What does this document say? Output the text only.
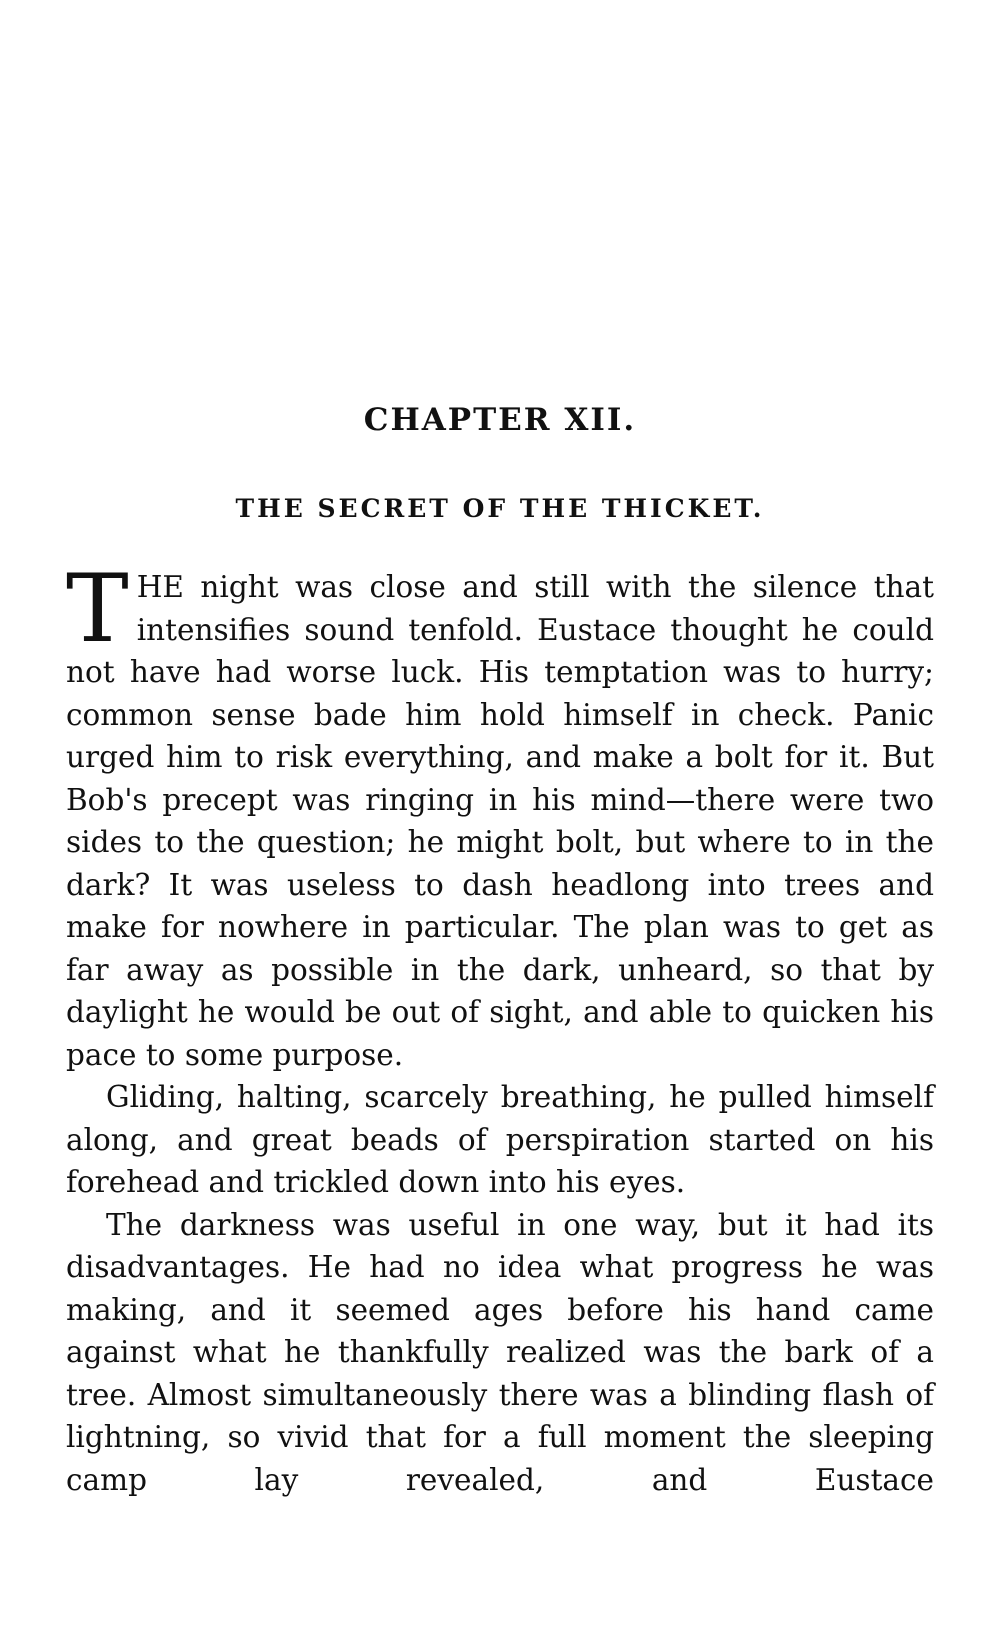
CHAPTER XII.
THE SECRET OF THE THICKET.

THE night was close and still with the silence that intensifies sound tenfold. Eustace thought he could not have had worse luck. His temptation was to hurry; common sense bade him hold himself in check. Panic urged him to risk everything, and make a bolt for it. But Bob's precept was ringing in his mind—there were two sides to the question; he might bolt, but where to in the dark? It was useless to dash headlong into trees and make for nowhere in particular. The plan was to get as far away as possible in the dark, unheard, so that by daylight he would be out of sight, and able to quicken his pace to some purpose.

Gliding, halting, scarcely breathing, he pulled himself along, and great beads of perspiration started on his forehead and trickled down into his eyes.

The darkness was useful in one way, but it had its disadvantages. He had no idea what progress he was making, and it seemed ages before his hand came against what he thankfully realized was the bark of a tree. Almost simultaneously there was a blinding flash of lightning, so vivid that for a full moment the sleeping camp lay revealed, and Eustace
